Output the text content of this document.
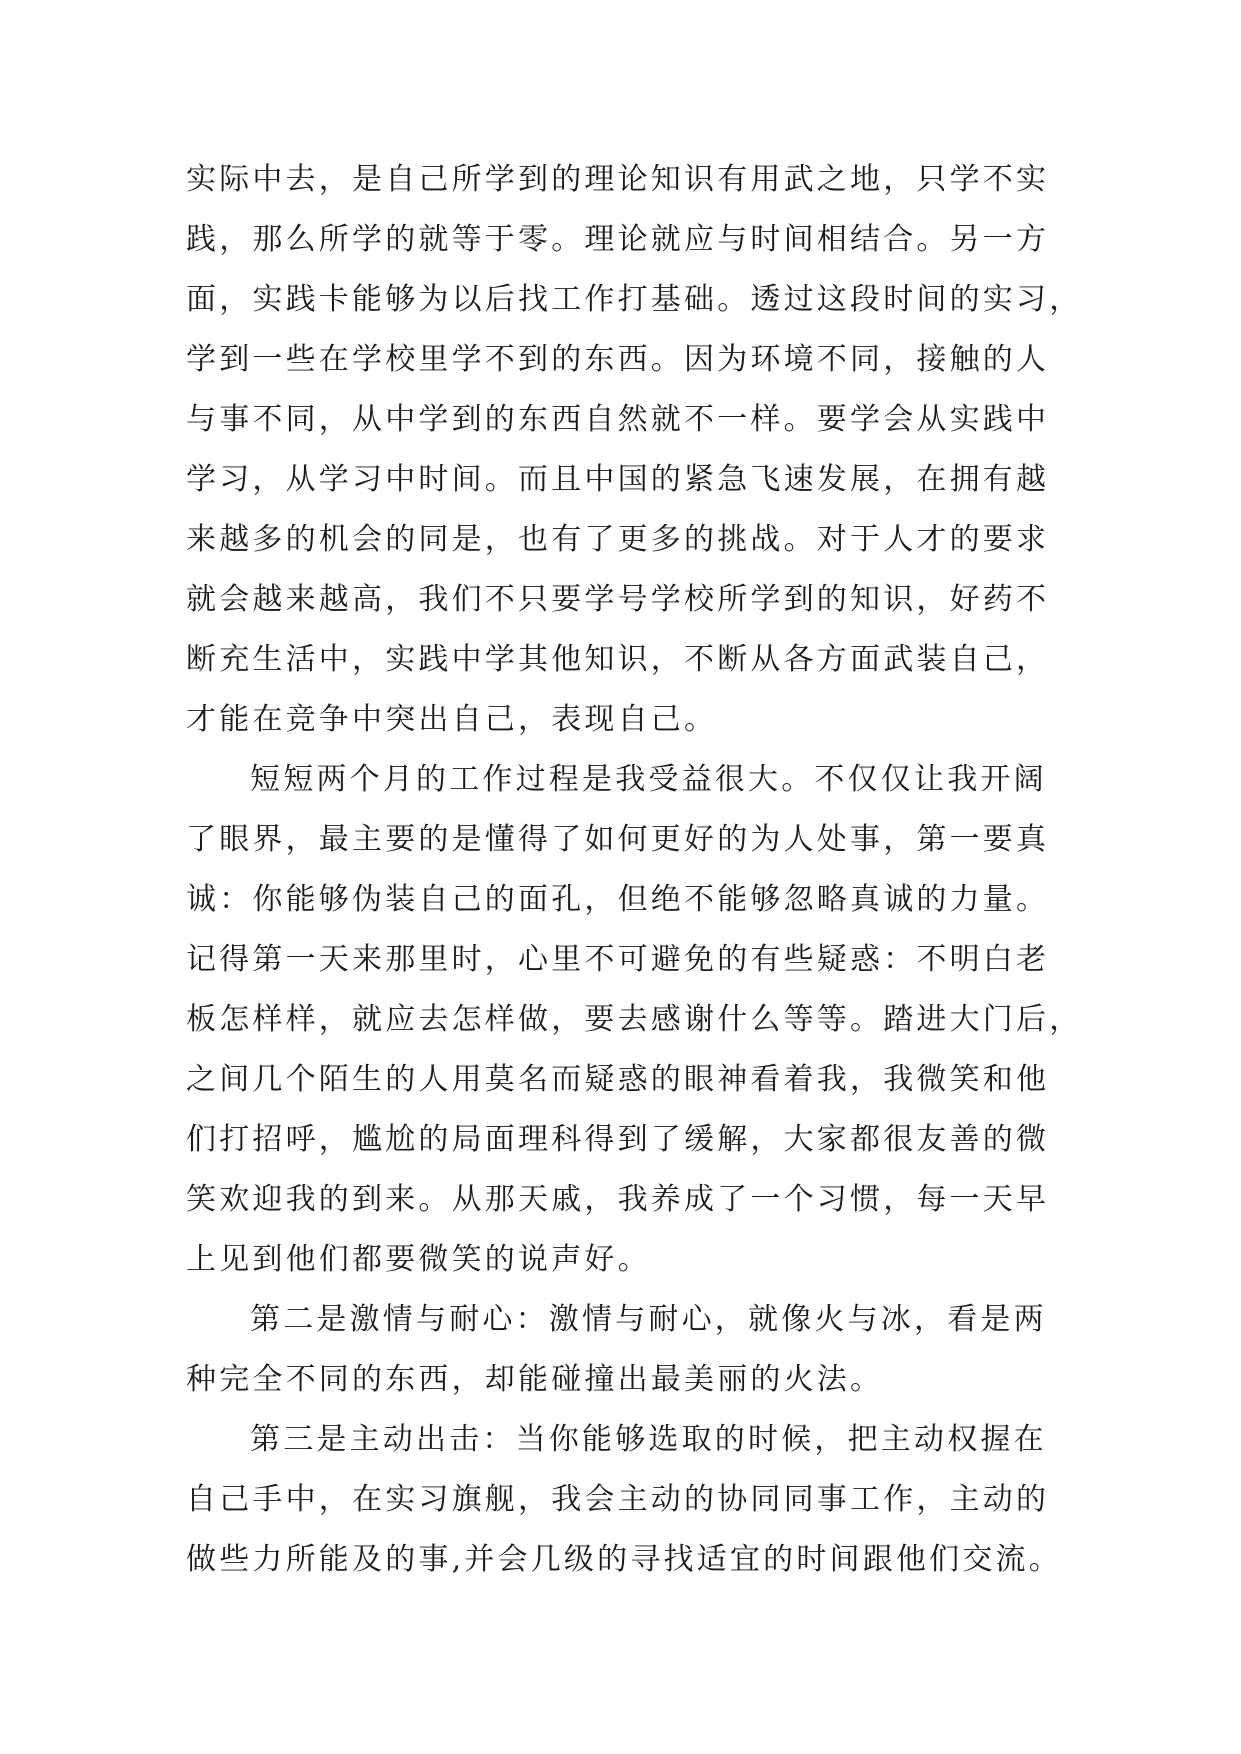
实际中去，是自己所学到的理论知识有用武之地，只学不实
践，那么所学的就等于零。理论就应与时间相结合。另一方
面，实践卡能够为以后找工作打基础。透过这段时间的实习，
学到一些在学校里学不到的东西。因为环境不同，接触的人
与事不同，从中学到的东西自然就不一样。要学会从实践中
学习，从学习中时间。而且中国的紧急飞速发展，在拥有越
来越多的机会的同是，也有了更多的挑战。对于人才的要求
就会越来越高，我们不只要学号学校所学到的知识，好药不
断充生活中，实践中学其他知识，不断从各方面武装自己，
才能在竞争中突出自己，表现自己。
短短两个月的工作过程是我受益很大。不仅仅让我开阔
了眼界，最主要的是懂得了如何更好的为人处事，第一要真
诚：你能够伪装自己的面孔，但绝不能够忽略真诚的力量。
记得第一天来那里时，心里不可避免的有些疑惑：不明白老
板怎样样，就应去怎样做，要去感谢什么等等。踏进大门后，
之间几个陌生的人用莫名而疑惑的眼神看着我，我微笑和他
们打招呼，尴尬的局面理科得到了缓解，大家都很友善的微
笑欢迎我的到来。从那天戚，我养成了一个习惯，每一天早
上见到他们都要微笑的说声好。
第二是激情与耐心：激情与耐心，就像火与冰，看是两
种完全不同的东西，却能碰撞出最美丽的火法。
第三是主动出击：当你能够选取的时候，把主动权握在
自己手中，在实习旗舰，我会主动的协同同事工作，主动的
做些力所能及的事,并会几级的寻找适宜的时间跟他们交流。
